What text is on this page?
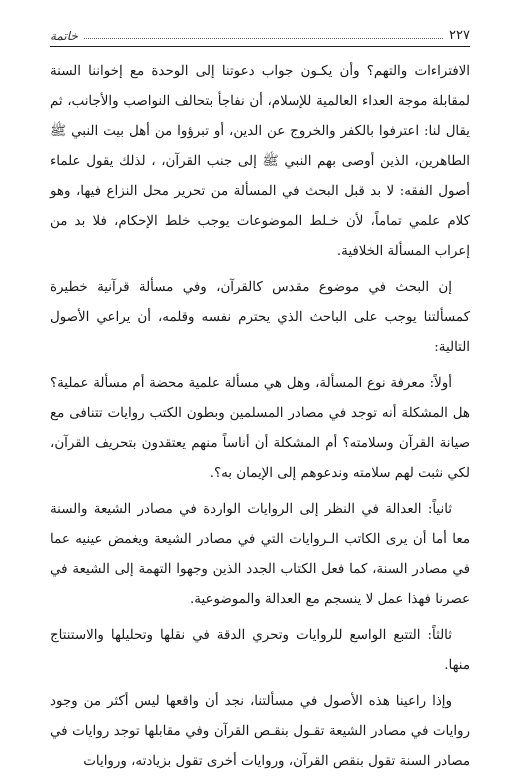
٢٢٧
خاتمة

الافتراءات والتهم؟ وأن يكـون جواب دعوتنا إلى الوحدة مع إخواننا السنة لمقابلة موجة العداء العالمية للإسلام، أن نفاجأ بتحالف النواصب والأجانب، ثم يقال لنا: اعترفوا بالكفر والخروج عن الدين، أو تبرؤوا من أهل بيت النبي ﷺ الطاهرين، الذين أوصى بهم النبي ﷺ إلى جنب القرآن، ، لذلك يقول علماء أصول الفقه: لا بد قبل البحث في المسألة من تحرير محل النزاع فيها، وهو كلام علمي تماماً، لأن خـلط الموضوعات يوجب خلط الإحكام، فلا بد من إعراب المسألة الخلافية.

إن البحث في موضوع مقدس كالقرآن، وفي مسألة قرآنية خطيرة كمسألتنا يوجب على الباحث الذي يحترم نفسه وقلمه، أن يراعي الأصول التالية:

أولاً: معرفة نوع المسألة، وهل هي مسألة علمية محضة أم مسألة عملية؟ هل المشكلة أنه توجد في مصادر المسلمين وبطون الكتب روايات تتنافى مع صيانة القرآن وسلامته؟ أم المشكلة أن أناساً منهم يعتقدون بتحريف القرآن، لكي نثبت لهم سلامته وندعوهم إلى الإيمان به؟.

ثانياً: العدالة في النظر إلى الروايات الواردة في مصادر الشيعة والسنة معا أما أن يرى الكاتب الـروايات التي في مصادر الشيعة ويغمض عينيه عما في مصادر السنة، كما فعل الكتاب الجدد الذين وجهوا التهمة إلى الشيعة في عصرنا فهذا عمل لا ينسجم مع العدالة والموضوعية.

ثالثاً: التتبع الواسع للروايات وتحري الدقة في نقلها وتحليلها والاستنتاج منها.

وإذا راعينا هذه الأصول في مسألتنا، نجد أن واقعها ليس أكثر من وجود روايات في مصادر الشيعة تقـول بنقـص القرآن وفي مقابلها توجد روايات في مصادر السنة تقول بنقص القرآن، وروايات أخرى تقول بزيادته، وروايات
